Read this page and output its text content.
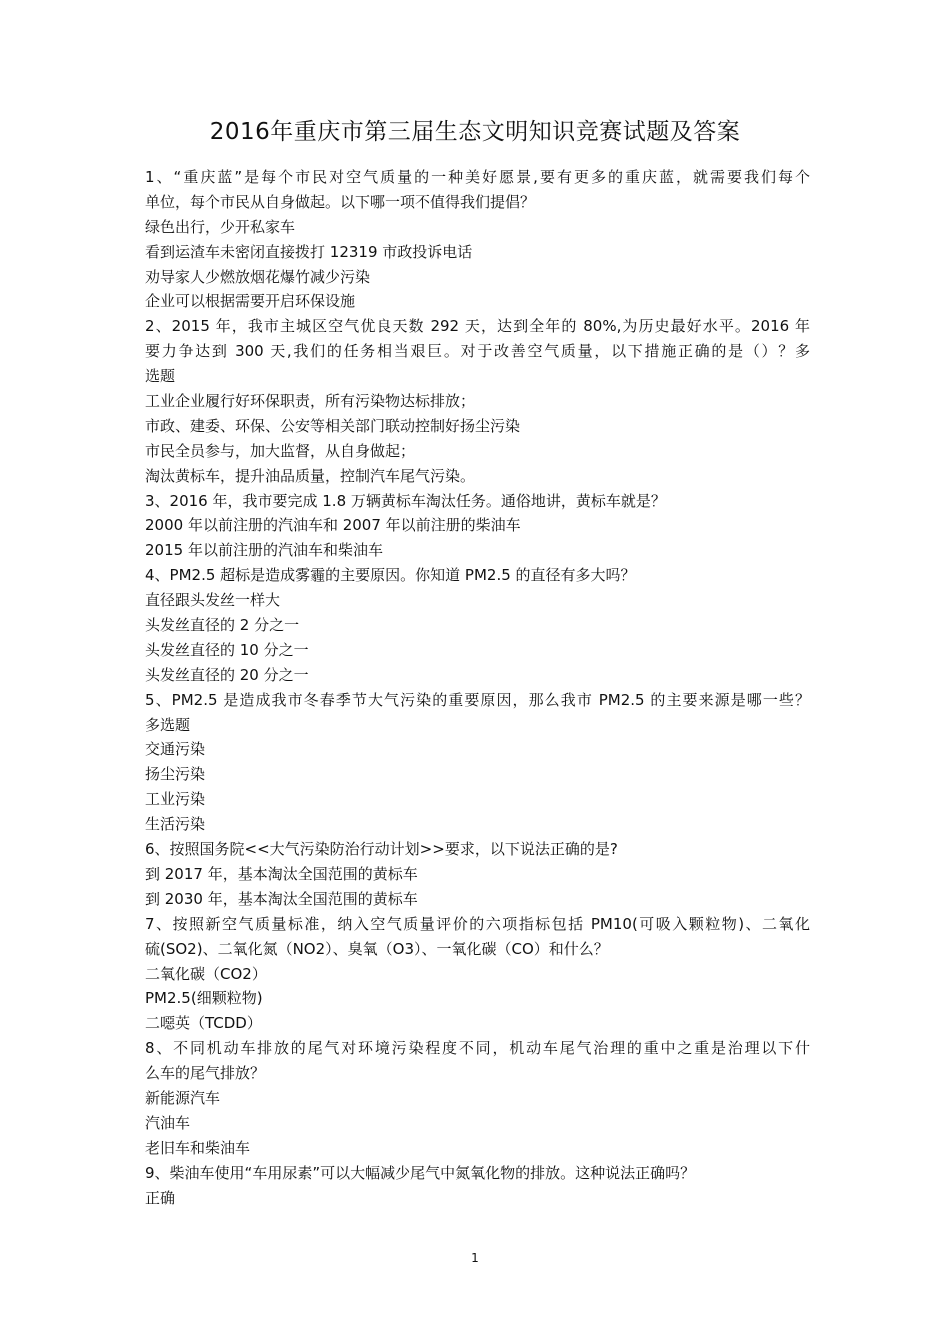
2016年重庆市第三届生态文明知识竞赛试题及答案
1、“重庆蓝”是每个市民对空气质量的一种美好愿景,要有更多的重庆蓝，就需要我们每个
单位，每个市民从自身做起。以下哪一项不值得我们提倡？
绿色出行，少开私家车
看到运渣车未密闭直接拨打 12319 市政投诉电话
劝导家人少燃放烟花爆竹减少污染
企业可以根据需要开启环保设施
2、2015 年，我市主城区空气优良天数 292 天，达到全年的 80%,为历史最好水平。2016 年
要力争达到 300 天,我们的任务相当艰巨。对于改善空气质量，以下措施正确的是（）？多
选题
工业企业履行好环保职责，所有污染物达标排放；
市政、建委、环保、公安等相关部门联动控制好扬尘污染
市民全员参与，加大监督，从自身做起；
淘汰黄标车，提升油品质量，控制汽车尾气污染。
3、2016 年，我市要完成 1.8 万辆黄标车淘汰任务。通俗地讲，黄标车就是？
2000 年以前注册的汽油车和 2007 年以前注册的柴油车
2015 年以前注册的汽油车和柴油车
4、PM2.5 超标是造成雾霾的主要原因。你知道 PM2.5 的直径有多大吗？
直径跟头发丝一样大
头发丝直径的 2 分之一
头发丝直径的 10 分之一
头发丝直径的 20 分之一
5、PM2.5 是造成我市冬春季节大气污染的重要原因，那么我市 PM2.5 的主要来源是哪一些？
多选题
交通污染
扬尘污染
工业污染
生活污染
6、按照国务院<<大气污染防治行动计划>>要求，以下说法正确的是?
到 2017 年，基本淘汰全国范围的黄标车
到 2030 年，基本淘汰全国范围的黄标车
7、按照新空气质量标准，纳入空气质量评价的六项指标包括 PM10(可吸入颗粒物)、二氧化
硫(SO2)、二氧化氮（NO2）、臭氧（O3）、一氧化碳（CO）和什么？
二氧化碳（CO2）
PM2.5(细颗粒物)
二噁英（TCDD）
8、不同机动车排放的尾气对环境污染程度不同，机动车尾气治理的重中之重是治理以下什
么车的尾气排放？
新能源汽车
汽油车
老旧车和柴油车
9、柴油车使用“车用尿素”可以大幅减少尾气中氮氧化物的排放。这种说法正确吗？
正确
1
